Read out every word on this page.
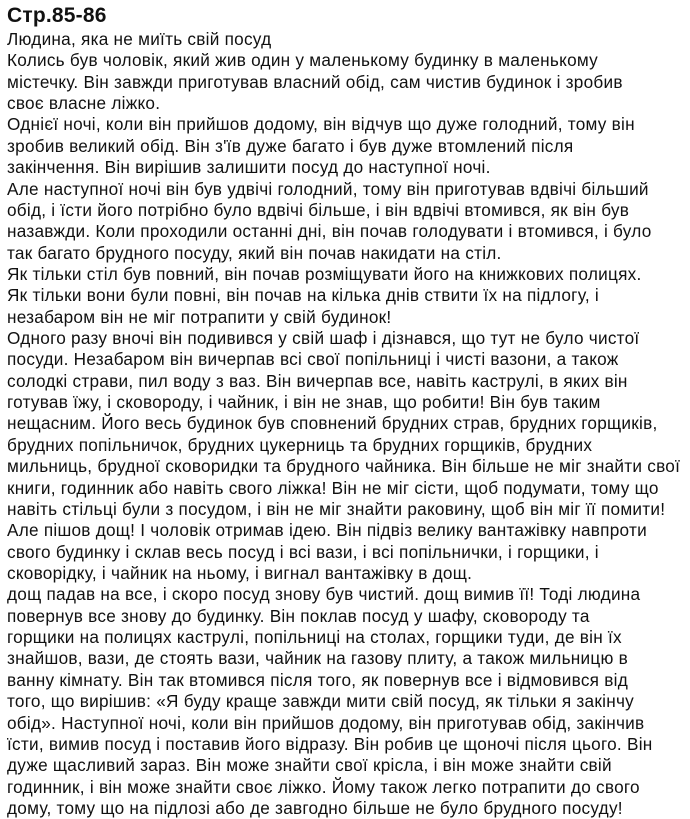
Стр.85-86
Людина, яка не миїть свій посуд
Колись був чоловік, який жив один у маленькому будинку в маленькому
містечку. Він завжди приготував власний обід, сам чистив будинок і зробив
своє власне ліжко.
Однієї ночі, коли він прийшов додому, він відчув що дуже голодний, тому він
зробив великий обід. Він з'їв дуже багато і був дуже втомлений після
закінчення. Він вирішив залишити посуд до наступної ночі.
Але наступної ночі він був удвічі голодний, тому він приготував вдвічі більший
обід, і їсти його потрібно було вдвічі більше, і він вдвічі втомився, як він був
назавжди. Коли проходили останні дні, він почав голодувати і втомився, і було
так багато брудного посуду, який він почав накидати на стіл.
Як тільки стіл був повний, він почав розміщувати його на книжкових полицях.
Як тільки вони були повні, він почав на кілька днів ствити їх на підлогу, і
незабаром він не міг потрапити у свій будинок!
Одного разу вночі він подивився у свій шаф і дізнався, що тут не було чистої
посуди. Незабаром він вичерпав всі свої попільниці і чисті вазони, а також
солодкі страви, пил воду з ваз. Він вичерпав все, навіть каструлі, в яких він
готував їжу, і сковороду, і чайник, і він не знав, що робити! Він був таким
нещасним. Його весь будинок був сповнений брудних страв, брудних горщиків,
брудних попільничок, брудних цукерниць та брудних горщиків, брудних
мильниць, брудної сковоридки та брудного чайника. Він більше не міг знайти свої
книги, годинник або навіть свого ліжка! Він не міг сісти, щоб подумати, тому що
навіть стільці були з посудом, і він не міг знайти раковину, щоб він міг її помити!
Але пішов дощ! І чоловік отримав ідею. Він підвіз велику вантажівку навпроти
свого будинку і склав весь посуд і всі вази, і всі попільнички, і горщики, і
сковорідку, і чайник на ньому, і вигнал вантажівку в дощ.
дощ падав на все, і скоро посуд знову був чистий. дощ вимив її! Тоді людина
повернув все знову до будинку. Він поклав посуд у шафу, сковороду та
горщики на полицях каструлі, попільниці на столах, горщики туди, де він їх
знайшов, вази, де стоять вази, чайник на газову плиту, а також мильницю в
ванну кімнату. Він так втомився після того, як повернув все і відмовився від
того, що вирішив: «Я буду краще завжди мити свій посуд, як тільки я закінчу
обід». Наступної ночі, коли він прийшов додому, він приготував обід, закінчив
їсти, вимив посуд і поставив його відразу. Він робив це щоночі після цього. Він
дуже щасливий зараз. Він може знайти свої крісла, і він може знайти свій
годинник, і він може знайти своє ліжко. Йому також легко потрапити до свого
дому, тому що на підлозі або де завгодно більше не було брудного посуду!
